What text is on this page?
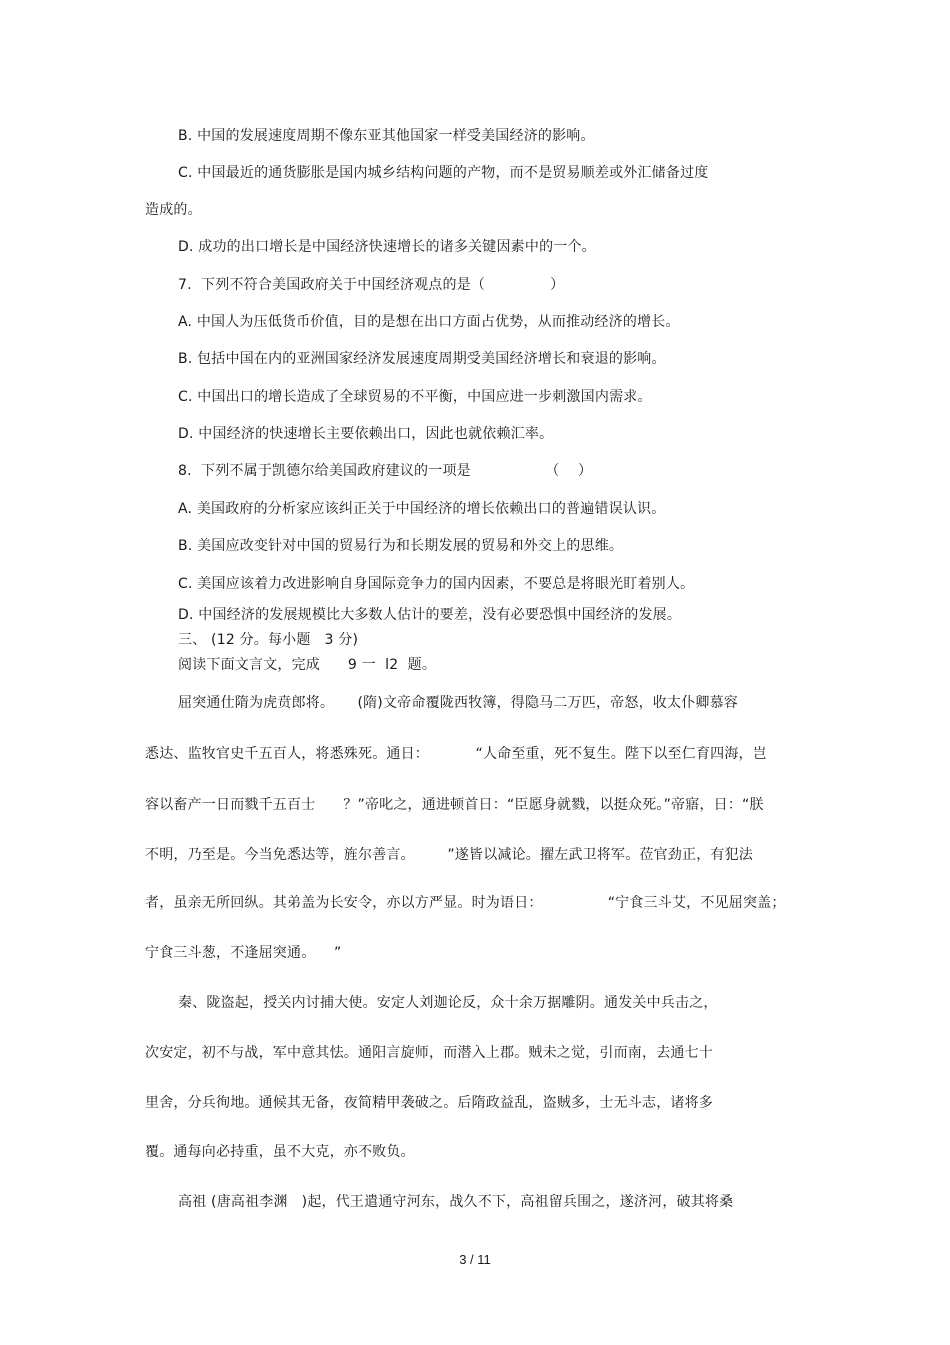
B. 中国的发展速度周期不像东亚其他国家一样受美国经济的影响。
C. 中国最近的通货膨胀是国内城乡结构问题的产物，而不是贸易顺差或外汇储备过度
造成的。
D. 成功的出口增长是中国经济快速增长的诸多关键因素中的一个。
7.  下列不符合美国政府关于中国经济观点的是（              ）
A. 中国人为压低货币价值，目的是想在出口方面占优势，从而推动经济的增长。
B. 包括中国在内的亚洲国家经济发展速度周期受美国经济增长和衰退的影响。
C. 中国出口的增长造成了全球贸易的不平衡，中国应进一步刺激国内需求。
D. 中国经济的快速增长主要依赖出口，因此也就依赖汇率。
8.  下列不属于凯德尔给美国政府建议的一项是                （    ）
A. 美国政府的分析家应该纠正关于中国经济的增长依赖出口的普遍错误认识。
B. 美国应改变针对中国的贸易行为和长期发展的贸易和外交上的思维。
C. 美国应该着力改进影响自身国际竞争力的国内因素，不要总是将眼光盯着别人。
D. 中国经济的发展规模比大多数人估计的要差，没有必要恐惧中国经济的发展。
三、 (12 分。每小题   3 分)
阅读下面文言文，完成      9 一  l2  题。
屈突通仕隋为虎贲郎将。     (隋)文帝命覆陇西牧簿，得隐马二万匹，帝怒，收太仆卿慕容
悉达、监牧官史千五百人，将悉殊死。通日：          “人命至重，死不复生。陛下以至仁育四海，岂
容以畜产一日而戮千五百士      ？”帝叱之，通进顿首日：“臣愿身就戮，以挺众死。”帝寤，日：“朕
不明，乃至是。今当免悉达等，旌尔善言。       ”遂皆以减论。擢左武卫将军。莅官劲正，有犯法
者，虽亲无所回纵。其弟盖为长安令，亦以方严显。时为语日：              “宁食三斗艾，不见屈突盖；
宁食三斗葱，不逢屈突通。    ”
秦、陇盗起，授关内讨捕大使。安定人刘迦论反，众十余万据雕阴。通发关中兵击之，
次安定，初不与战，军中意其怯。通阳言旋师，而潜入上郡。贼未之觉，引而南，去通七十
里舍，分兵徇地。通候其无备，夜简精甲袭破之。后隋政益乱，盗贼多，士无斗志，诸将多
覆。通每向必持重，虽不大克，亦不败负。
高祖 (唐高祖李渊   )起，代王遣通守河东，战久不下，高祖留兵围之，遂济河，破其将桑
3 / 11
